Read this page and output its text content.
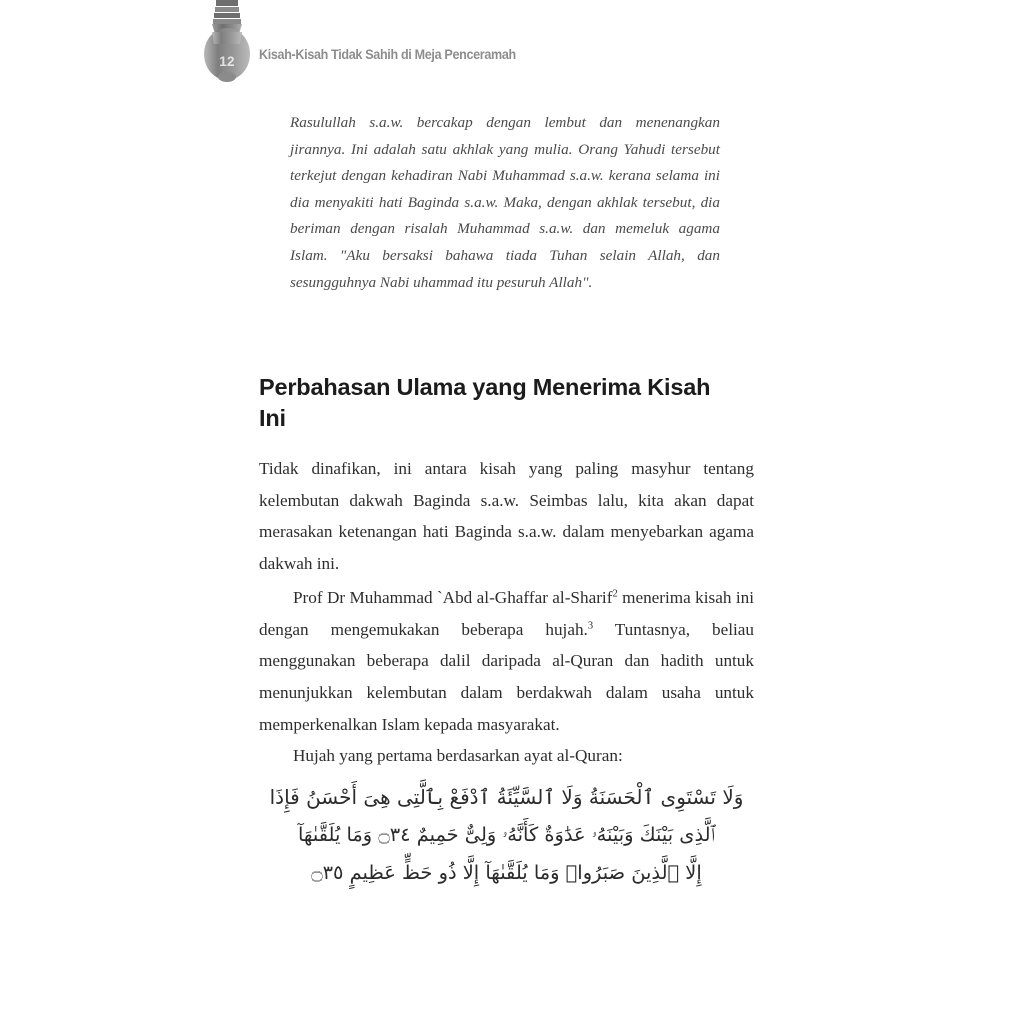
12	Kisah-Kisah Tidak Sahih di Meja Penceramah
Rasulullah s.a.w. bercakap dengan lembut dan menenangkan jirannya. Ini adalah satu akhlak yang mulia. Orang Yahudi tersebut terkejut dengan kehadiran Nabi Muhammad s.a.w. kerana selama ini dia menyakiti hati Baginda s.a.w. Maka, dengan akhlak tersebut, dia beriman dengan risalah Muhammad s.a.w. dan memeluk agama Islam. "Aku bersaksi bahawa tiada Tuhan selain Allah, dan sesungguhnya Nabi uhammad itu pesuruh Allah".
Perbahasan Ulama yang Menerima Kisah Ini

Tidak dinafikan, ini antara kisah yang paling masyhur tentang kelembutan dakwah Baginda s.a.w. Seimbas lalu, kita akan dapat merasakan ketenangan hati Baginda s.a.w. dalam menyebarkan agama dakwah ini.

Prof Dr Muhammad `Abd al-Ghaffar al-Sharif$^2$ menerima kisah ini dengan mengemukakan beberapa hujah.$^3$ Tuntasnya, beliau menggunakan beberapa dalil daripada al-Quran dan hadith untuk menunjukkan kelembutan dalam berdakwah dalam usaha untuk memperkenalkan Islam kepada masyarakat.

Hujah yang pertama berdasarkan ayat al-Quran:

وَلَا تَسْتَوِى ٱلْحَسَنَةُ وَلَا ٱلسَّيِّئَةُ ٱدْفَعْ بِٱلَّتِى هِىَ أَحْسَنُ فَإِذَا
ٱلَّذِى بَيْنَكَ وَبَيْنَهُۥ عَدَٰوَةٌ كَأَنَّهُۥ وَلِىٌّ حَمِيمٌ ۝٣٤ وَمَا يُلَقَّىٰهَآ
إِلَّا ٱلَّذِينَ صَبَرُوا۟ وَمَا يُلَقَّىٰهَآ إِلَّا ذُو حَظٍّ عَظِيمٍ ۝٣٥
